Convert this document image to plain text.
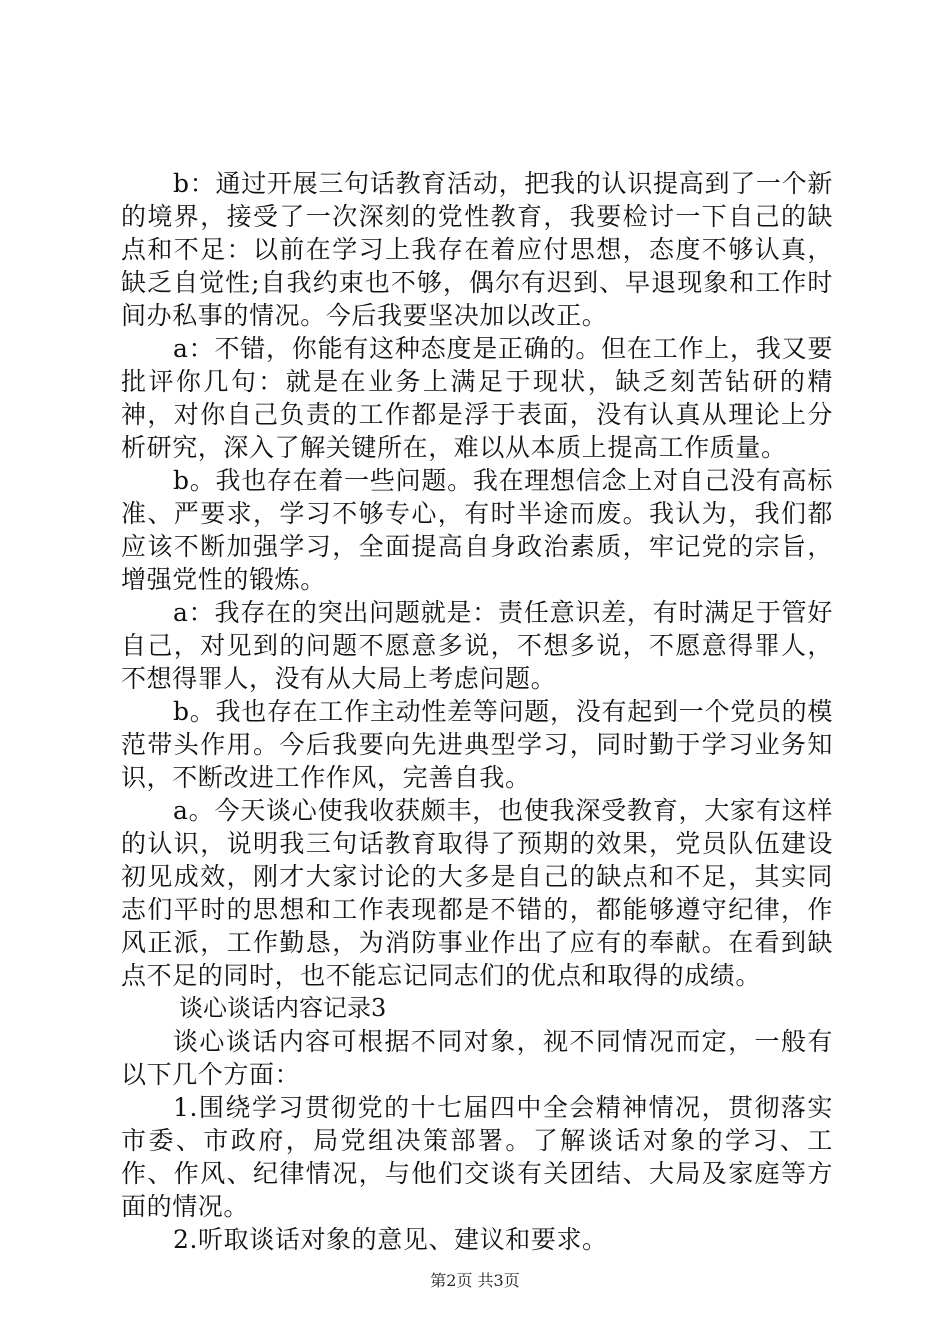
b：通过开展三句话教育活动，把我的认识提高到了一个新的境界，接受了一次深刻的党性教育，我要检讨一下自己的缺点和不足：以前在学习上我存在着应付思想，态度不够认真，缺乏自觉性;自我约束也不够，偶尔有迟到、早退现象和工作时间办私事的情况。今后我要坚决加以改正。

a：不错，你能有这种态度是正确的。但在工作上，我又要批评你几句：就是在业务上满足于现状，缺乏刻苦钻研的精神，对你自己负责的工作都是浮于表面，没有认真从理论上分析研究，深入了解关键所在，难以从本质上提高工作质量。

b。我也存在着一些问题。我在理想信念上对自己没有高标准、严要求，学习不够专心，有时半途而废。我认为，我们都应该不断加强学习，全面提高自身政治素质，牢记党的宗旨，增强党性的锻炼。

a：我存在的突出问题就是：责任意识差，有时满足于管好自己，对见到的问题不愿意多说，不想多说，不愿意得罪人，不想得罪人，没有从大局上考虑问题。

b。我也存在工作主动性差等问题，没有起到一个党员的模范带头作用。今后我要向先进典型学习，同时勤于学习业务知识，不断改进工作作风，完善自我。

a。今天谈心使我收获颇丰，也使我深受教育，大家有这样的认识，说明我三句话教育取得了预期的效果，党员队伍建设初见成效，刚才大家讨论的大多是自己的缺点和不足，其实同志们平时的思想和工作表现都是不错的，都能够遵守纪律，作风正派，工作勤恳，为消防事业作出了应有的奉献。在看到缺点不足的同时，也不能忘记同志们的优点和取得的成绩。

谈心谈话内容记录3

谈心谈话内容可根据不同对象，视不同情况而定，一般有以下几个方面：

1.围绕学习贯彻党的十七届四中全会精神情况，贯彻落实市委、市政府，局党组决策部署。了解谈话对象的学习、工作、作风、纪律情况，与他们交谈有关团结、大局及家庭等方面的情况。

2.听取谈话对象的意见、建议和要求。

第2页 共3页
